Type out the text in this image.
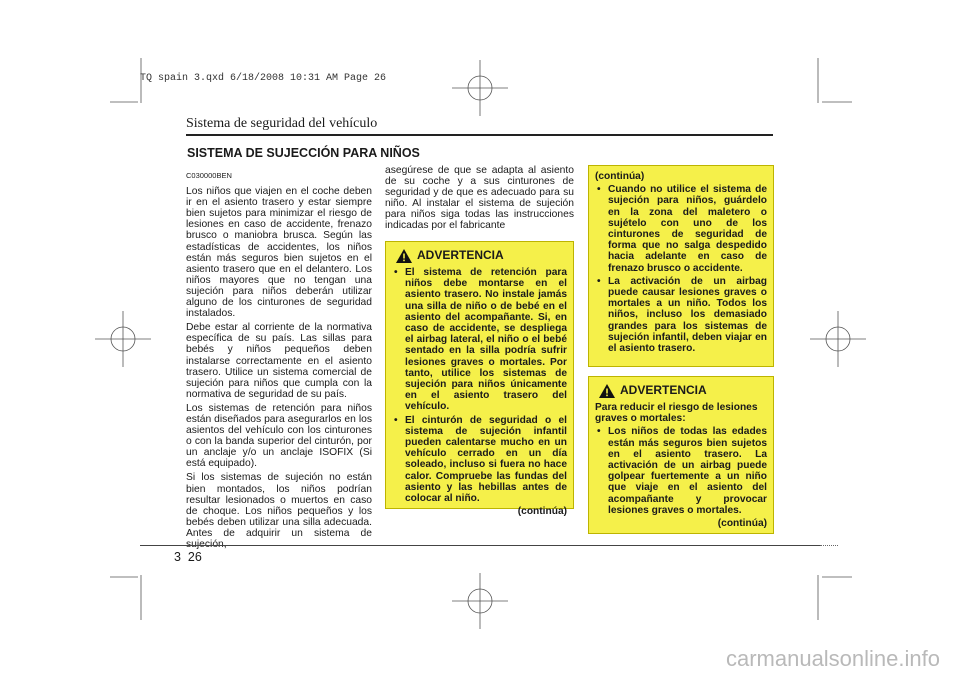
TQ spain 3.qxd 6/18/2008 10:31 AM Page 26
Sistema de seguridad del vehículo
SISTEMA DE SUJECCIÓN PARA NIÑOS
C030000BEN

Los niños que viajen en el coche deben ir en el asiento trasero y estar siempre bien sujetos para minimizar el riesgo de lesiones en caso de accidente, frenazo brusco o maniobra brusca. Según las estadísticas de accidentes, los niños están más seguros bien sujetos en el asiento trasero que en el delantero. Los niños mayores que no tengan una sujeción para niños deberán utilizar alguno de los cinturones de seguridad instalados.

Debe estar al corriente de la normativa específica de su país. Las sillas para bebés y niños pequeños deben instalarse correctamente en el asiento trasero. Utilice un sistema comercial de sujeción para niños que cumpla con la normativa de seguridad de su país.

Los sistemas de retención para niños están diseñados para asegurarlos en los asientos del vehículo con los cinturones o con la banda superior del cinturón, por un anclaje y/o un anclaje ISOFIX (Si está equipado).

Si los sistemas de sujeción no están bien montados, los niños podrían resultar lesionados o muertos en caso de choque. Los niños pequeños y los bebés deben utilizar una silla adecuada. Antes de adquirir un sistema de sujeción,

asegúrese de que se adapta al asiento de su coche y a sus cinturones de seguridad y de que es adecuado para su niño. Al instalar el sistema de sujeción para niños siga todas las instrucciones indicadas por el fabricante

ADVERTENCIA
• El sistema de retención para niños debe montarse en el asiento trasero. No instale jamás una silla de niño o de bebé en el asiento del acompañante. Si, en caso de accidente, se despliega el airbag lateral, el niño o el bebé sentado en la silla podría sufrir lesiones graves o mortales. Por tanto, utilice los sistemas de sujeción para niños únicamente en el asiento trasero del vehículo.
• El cinturón de seguridad o el sistema de sujeción infantil pueden calentarse mucho en un vehículo cerrado en un día soleado, incluso si fuera no hace calor. Compruebe las fundas del asiento y las hebillas antes de colocar al niño.
(continúa)
(continúa)
• Cuando no utilice el sistema de sujeción para niños, guárdelo en la zona del maletero o sujételo con uno de los cinturones de seguridad de forma que no salga despedido hacia adelante en caso de frenazo brusco o accidente.
• La activación de un airbag puede causar lesiones graves o mortales a un niño. Todos los niños, incluso los demasiado grandes para los sistemas de sujeción infantil, deben viajar en el asiento trasero.
ADVERTENCIA
Para reducir el riesgo de lesiones graves o mortales:
• Los niños de todas las edades están más seguros bien sujetos en el asiento trasero. La activación de un airbag puede golpear fuertemente a un niño que viaje en el asiento del acompañante y provocar lesiones graves o mortales.
(continúa)
3 26
carmanualsonline.info
